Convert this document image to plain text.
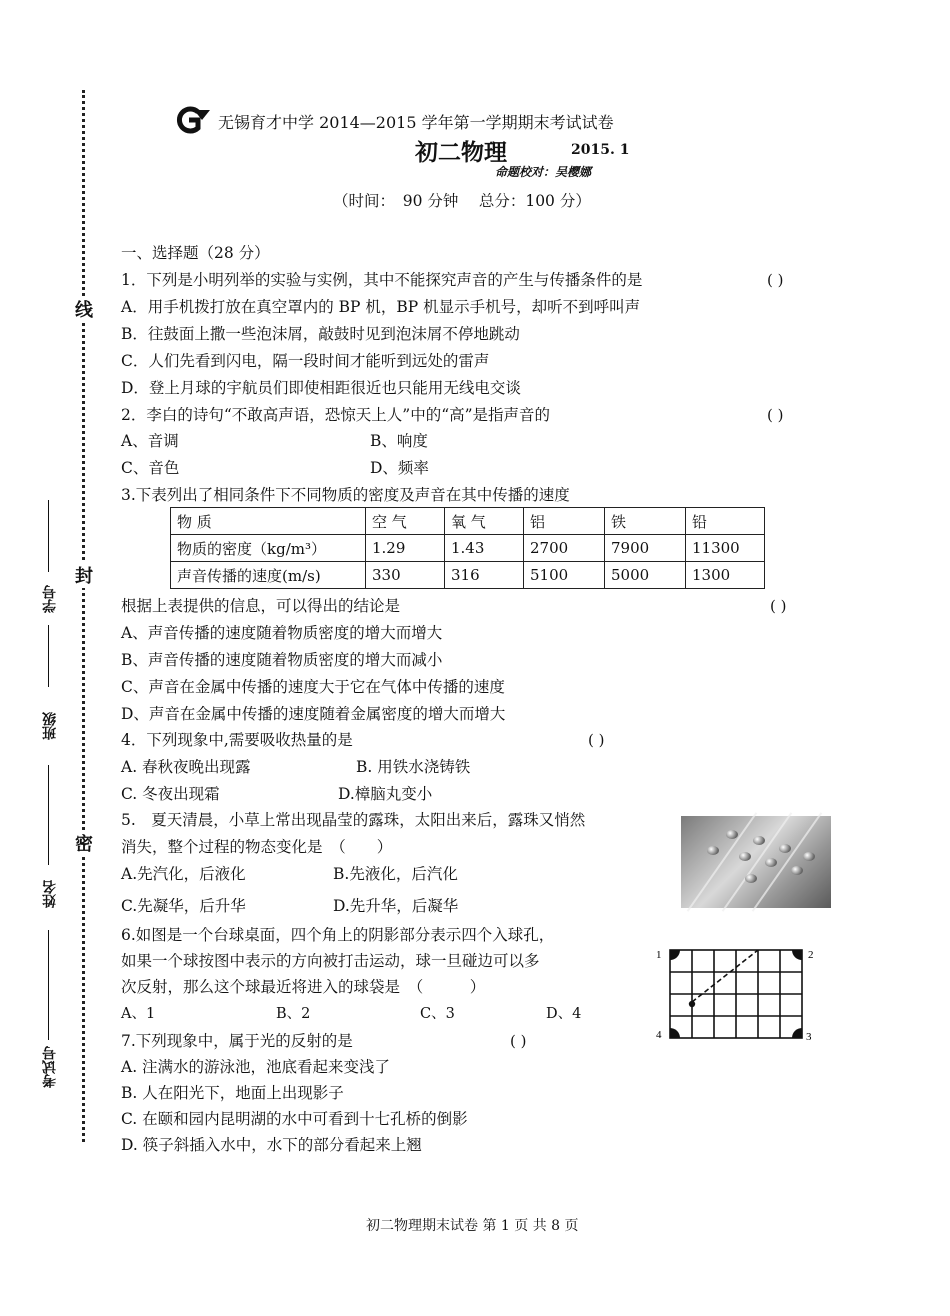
线
封
密
学号
班级
姓名
考试号
无锡育才中学 2014—2015 学年第一学期期末考试试卷
初二物理	2015. 1
命题校对：吴樱娜
（时间：　90 分钟　 总分：100 分）
一、选择题（28 分）
1．下列是小明列举的实验与实例，其中不能探究声音的产生与传播条件的是	( )
A．用手机拨打放在真空罩内的 BP 机，BP 机显示手机号，却听不到呼叫声
B．往鼓面上撒一些泡沫屑，敲鼓时见到泡沫屑不停地跳动
C．人们先看到闪电，隔一段时间才能听到远处的雷声
D．登上月球的宇航员们即使相距很近也只能用无线电交谈
2．李白的诗句“不敢高声语，恐惊天上人”中的“高”是指声音的	( )
A、音调	B、响度
C、音色	D、频率
3.下表列出了相同条件下不同物质的密度及声音在其中传播的速度
物 质	空 气	氧 气	铝	铁	铅
物质的密度（kg/m³）	1.29	1.43	2700	7900	11300
声音传播的速度(m/s)	330	316	5100	5000	1300
根据上表提供的信息，可以得出的结论是	( )
A、声音传播的速度随着物质密度的增大而增大
B、声音传播的速度随着物质密度的增大而减小
C、声音在金属中传播的速度大于它在气体中传播的速度
D、声音在金属中传播的速度随着金属密度的增大而增大
4．下列现象中,需要吸收热量的是	( )
A. 春秋夜晚出现露	B. 用铁水浇铸铁
C. 冬夜出现霜	D.樟脑丸变小
5.　夏天清晨，小草上常出现晶莹的露珠，太阳出来后，露珠又悄然
消失，整个过程的物态变化是　（　　）
A.先汽化，后液化	B.先液化，后汽化
C.先凝华，后升华	D.先升华，后凝华
6.如图是一个台球桌面，四个角上的阴影部分表示四个入球孔，
如果一个球按图中表示的方向被打击运动，球一旦碰边可以多
次反射，那么这个球最近将进入的球袋是　（　　　）
A、1	B、2	C、3	D、4
1	2
3
4
7.下列现象中，属于光的反射的是	( )
A. 注满水的游泳池，池底看起来变浅了
B. 人在阳光下，地面上出现影子
C. 在颐和园内昆明湖的水中可看到十七孔桥的倒影
D. 筷子斜插入水中，水下的部分看起来上翘
初二物理期末试卷 第 1 页 共 8 页
